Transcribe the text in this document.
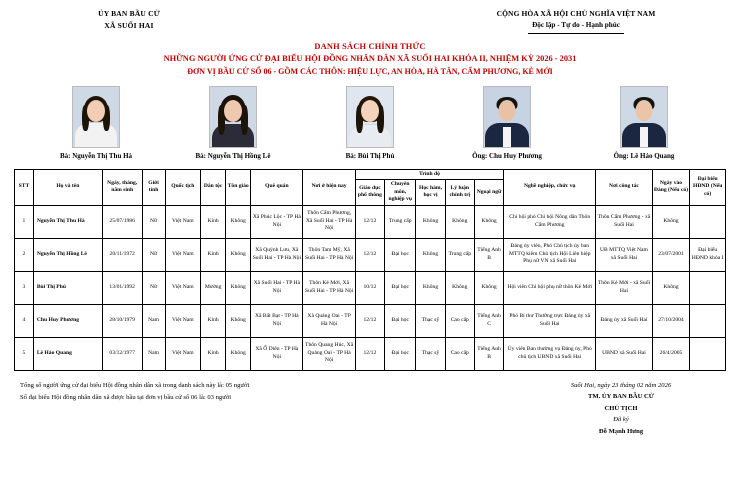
ỦY BAN BẦU CỬ
XÃ SUỐI HAI
CỘNG HÒA XÃ HỘI CHỦ NGHĨA VIỆT NAM
Độc lập - Tự do - Hạnh phúc
DANH SÁCH CHÍNH THỨC
NHỮNG NGƯỜI ỨNG CỬ ĐẠI BIỂU HỘI ĐỒNG NHÂN DÂN XÃ SUỐI HAI KHÓA II, NHIỆM KỲ 2026 - 2031
ĐƠN VỊ BẦU CỬ SỐ 06 - GỒM CÁC THÔN: HIỆU LỰC, AN HÒA, HÀ TÂN, CẨM PHƯƠNG, KẺ MỚI
Bà: Nguyễn Thị Thu Hà	Bà: Nguyễn Thị Hồng Lê	Bà: Bùi Thị Phú	Ông: Chu Huy Phương	Ông: Lê Hảo Quang
STT	Họ và tên	Ngày, tháng, năm sinh	Giới tính	Quốc tịch	Dân tộc	Tôn giáo	Quê quán	Nơi ở hiện nay	Trình độ					Nghề nghiệp, chức vụ	Nơi công tác	Ngày vào Đảng (Nếu có)	Đại biểu HĐND (Nếu có)
									Giáo dục phổ thông	Chuyên môn, nghiệp vụ	Học hàm, học vị	Lý luận chính trị	Ngoại ngữ				
1	Nguyễn Thị Thu Hà	25/07/1986	Nữ	Việt Nam	Kinh	Không	Xã Phúc Lộc - TP Hà Nội	Thôn Cẩm Phương, Xã Suối Hai - TP Hà Nội	12/12	Trung cấp	Không	Không	Không	Chi hội phó Chi hội Nông dân Thôn Cẩm Phương	Thôn Cẩm Phương - xã Suối Hai	Không	
2	Nguyễn Thị Hồng Lê	20/11/1972	Nữ	Việt Nam	Kinh	Không	Xã Quỳnh Lưu, Xã Suối Hai - TP Hà Nội	Thôn Tam Mỹ, Xã Suối Hai - TP Hà Nội	12/12	Đại học	Không	Trung cấp	Tiếng Anh B	Đảng ủy viên, Phó Chủ tịch ủy ban MTTQ kiêm Chủ tịch Hội Liên hiệp Phụ nữ VN xã Suối Hai	UB MTTQ Việt Nam xã Suối Hai	23/07/2001	Đại biểu HĐND khóa I
3	Bùi Thị Phú	13/01/1992	Nữ	Việt Nam	Mường	Không	Xã Suối Hai - TP Hà Nội	Thôn Kẻ Mới, Xã Suối Hai - TP Hà Nội	10/12	Đại học	Không	Không	Không	Hội viên Chi hội phụ nữ thôn Kẻ Mới	Thôn Kẻ Mới - xã Suối Hai	Không	
4	Chu Huy Phương	28/10/1979	Nam	Việt Nam	Kinh	Không	Xã Bất Bạt - TP Hà Nội	Xã Quảng Oai - TP Hà Nội	12/12	Đại học	Thạc sỹ	Cao cấp	Tiếng Anh C	Phó Bí thư Thường trực Đảng ủy xã Suối Hai	Đảng ủy xã Suối Hai	27/10/2004	
5	Lê Hảo Quang	03/12/1977	Nam	Việt Nam	Kinh	Không	Xã Ổ Diên - TP Hà Nội	Thôn Quang Húc, Xã Quảng Oai - TP Hà Nội	12/12	Đại học	Thạc sỹ	Cao cấp	Tiếng Anh B	Ủy viên Ban thường vụ Đảng ủy, Phó chủ tịch UBND xã Suối Hai	UBND xã Suối Hai	26/4/2005	
Tổng số người ứng cử đại biểu Hội đồng nhân dân xã trong danh sách này là: 05 người
Số đại biểu Hội đồng nhân dân xã được bầu tại đơn vị bầu cử số 06 là: 03 người
Suối Hai, ngày 23 tháng 02 năm 2026
TM. ỦY BAN BẦU CỬ
CHỦ TỊCH
Đã ký
Đỗ Mạnh Hưng
